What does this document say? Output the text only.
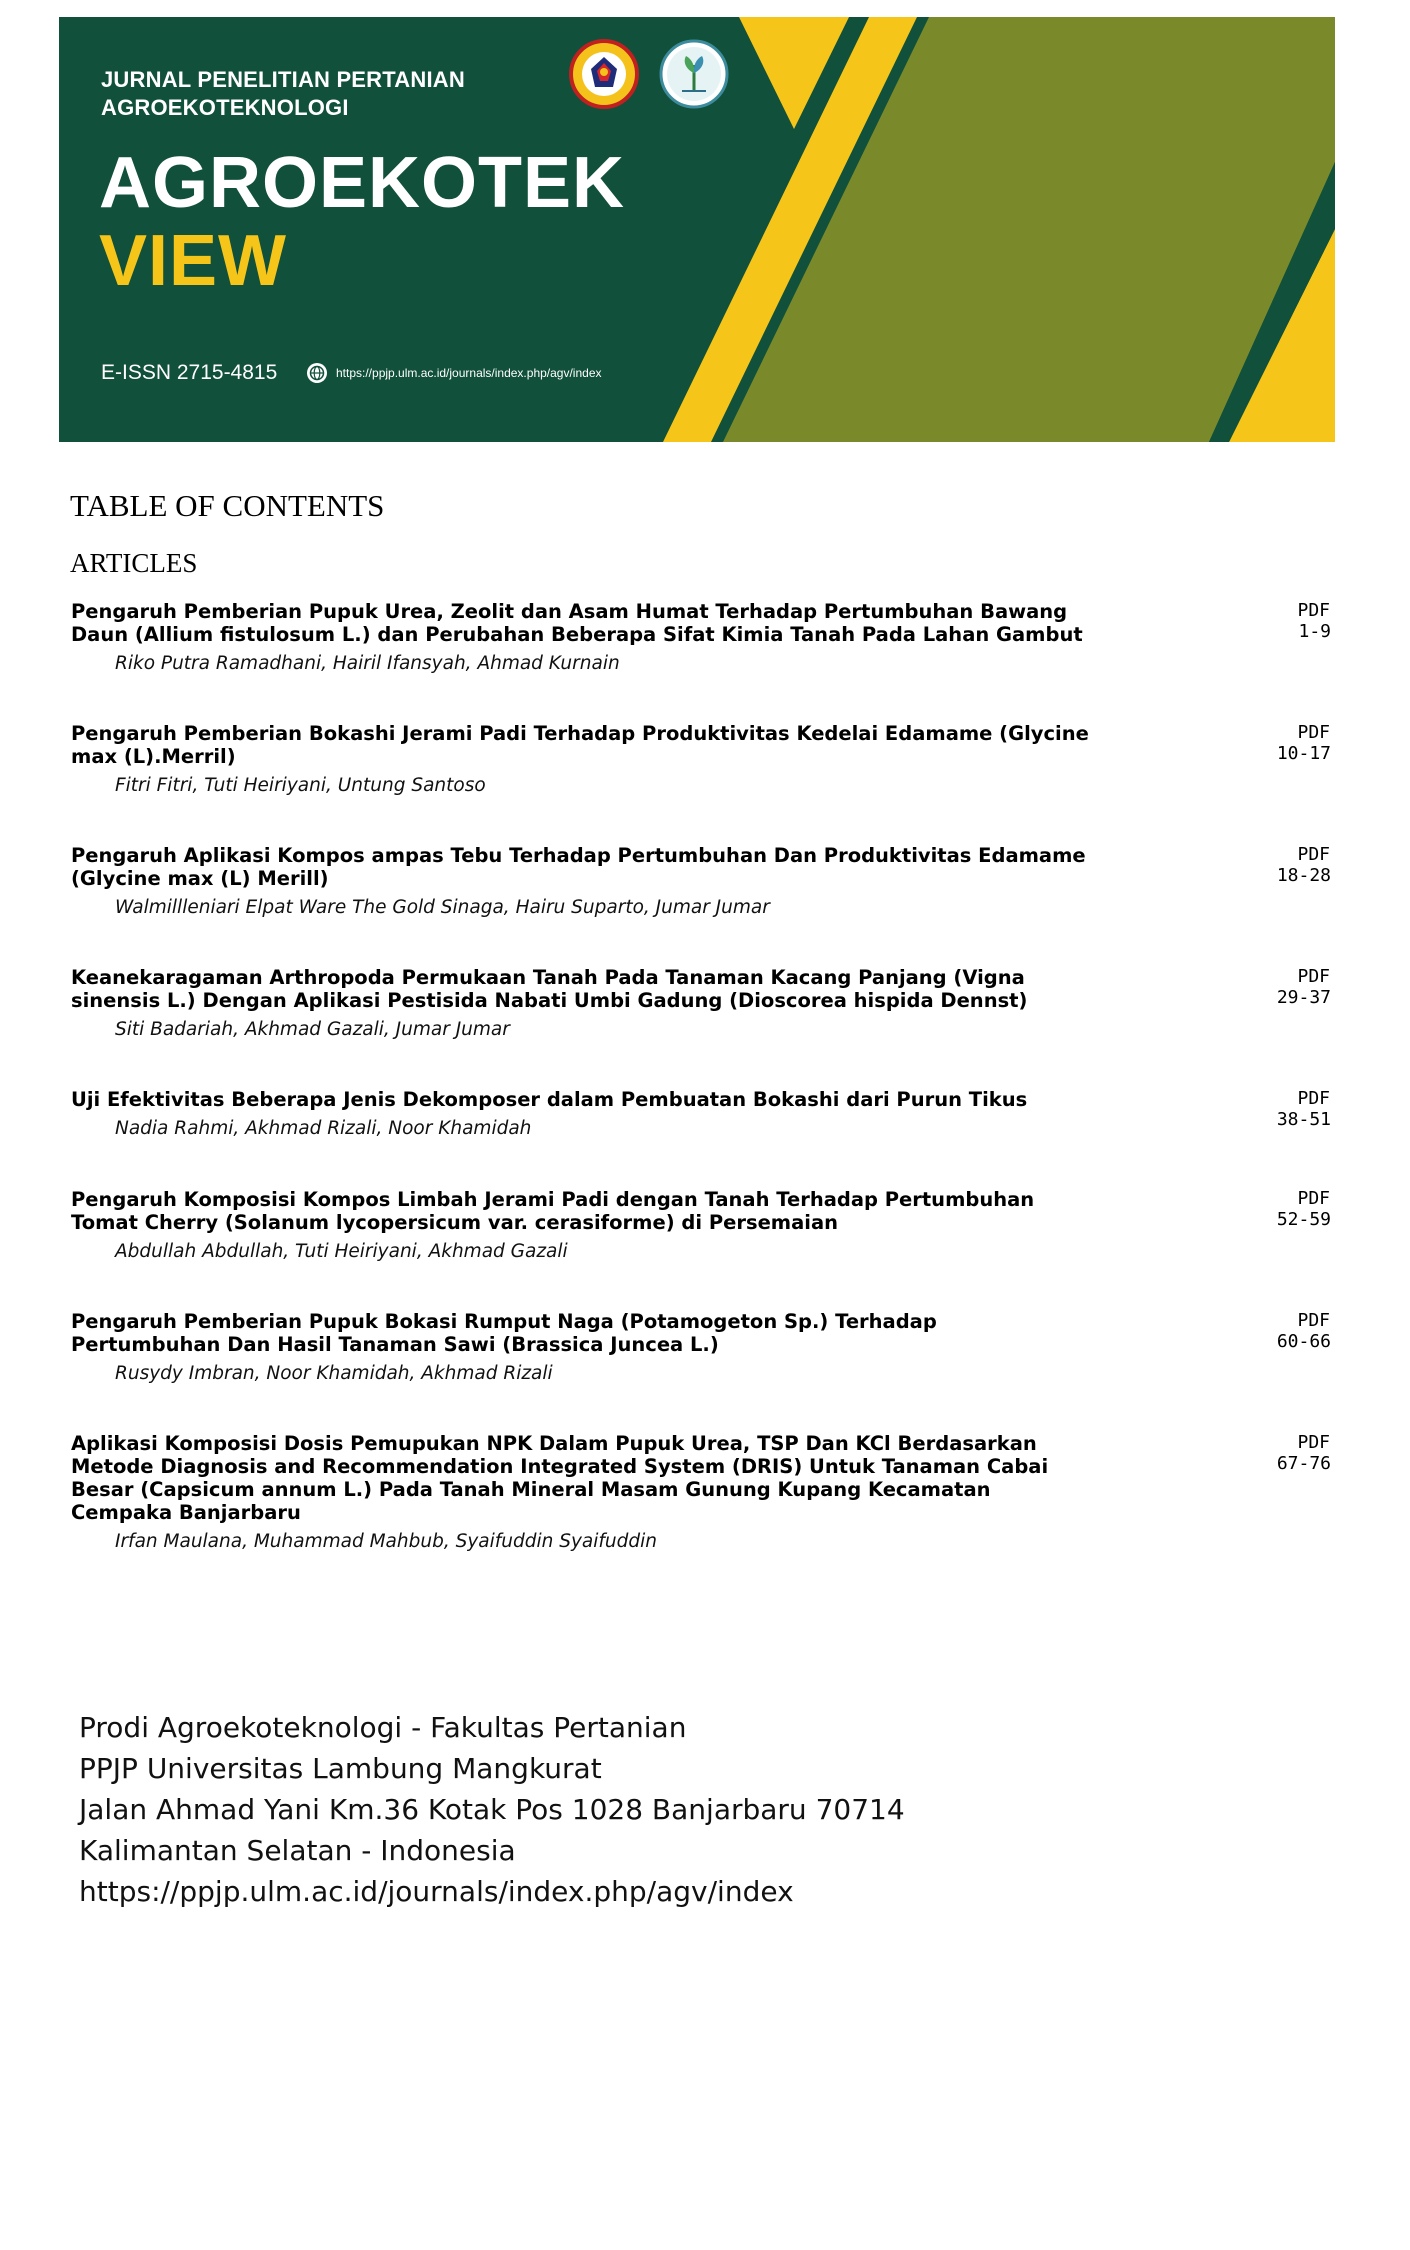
JURNAL PENELITIAN PERTANIAN
AGROEKOTEKNOLOGI
AGROEKOTEK
VIEW
E-ISSN 2715-4815	https://ppjp.ulm.ac.id/journals/index.php/agv/index
TABLE OF CONTENTS
ARTICLES
Pengaruh Pemberian Pupuk Urea, Zeolit dan Asam Humat Terhadap Pertumbuhan Bawang Daun (Allium fistulosum L.) dan Perubahan Beberapa Sifat Kimia Tanah Pada Lahan Gambut
Riko Putra Ramadhani, Hairil Ifansyah, Ahmad Kurnain
PDF
1-9
Pengaruh Pemberian Bokashi Jerami Padi Terhadap Produktivitas Kedelai Edamame (Glycine max (L).Merril)
Fitri Fitri, Tuti Heiriyani, Untung Santoso
PDF
10-17
Pengaruh Aplikasi Kompos ampas Tebu Terhadap Pertumbuhan Dan Produktivitas Edamame (Glycine max (L) Merill)
Walmillleniari Elpat Ware The Gold Sinaga, Hairu Suparto, Jumar Jumar
PDF
18-28
Keanekaragaman Arthropoda Permukaan Tanah Pada Tanaman Kacang Panjang (Vigna sinensis L.) Dengan Aplikasi Pestisida Nabati Umbi Gadung (Dioscorea hispida Dennst)
Siti Badariah, Akhmad Gazali, Jumar Jumar
PDF
29-37
Uji Efektivitas Beberapa Jenis Dekomposer dalam Pembuatan Bokashi dari Purun Tikus
Nadia Rahmi, Akhmad Rizali, Noor Khamidah
PDF
38-51
Pengaruh Komposisi Kompos Limbah Jerami Padi dengan Tanah Terhadap Pertumbuhan Tomat Cherry (Solanum lycopersicum var. cerasiforme) di Persemaian
Abdullah Abdullah, Tuti Heiriyani, Akhmad Gazali
PDF
52-59
Pengaruh Pemberian Pupuk Bokasi Rumput Naga (Potamogeton Sp.) Terhadap Pertumbuhan Dan Hasil Tanaman Sawi (Brassica Juncea L.)
Rusydy Imbran, Noor Khamidah, Akhmad Rizali
PDF
60-66
Aplikasi Komposisi Dosis Pemupukan NPK Dalam Pupuk Urea, TSP Dan KCl Berdasarkan Metode Diagnosis and Recommendation Integrated System (DRIS) Untuk Tanaman Cabai Besar (Capsicum annum L.) Pada Tanah Mineral Masam Gunung Kupang Kecamatan Cempaka Banjarbaru
Irfan Maulana, Muhammad Mahbub, Syaifuddin Syaifuddin
PDF
67-76
Prodi Agroekoteknologi - Fakultas Pertanian
PPJP Universitas Lambung Mangkurat
Jalan Ahmad Yani Km.36 Kotak Pos 1028 Banjarbaru 70714
Kalimantan Selatan - Indonesia
https://ppjp.ulm.ac.id/journals/index.php/agv/index
